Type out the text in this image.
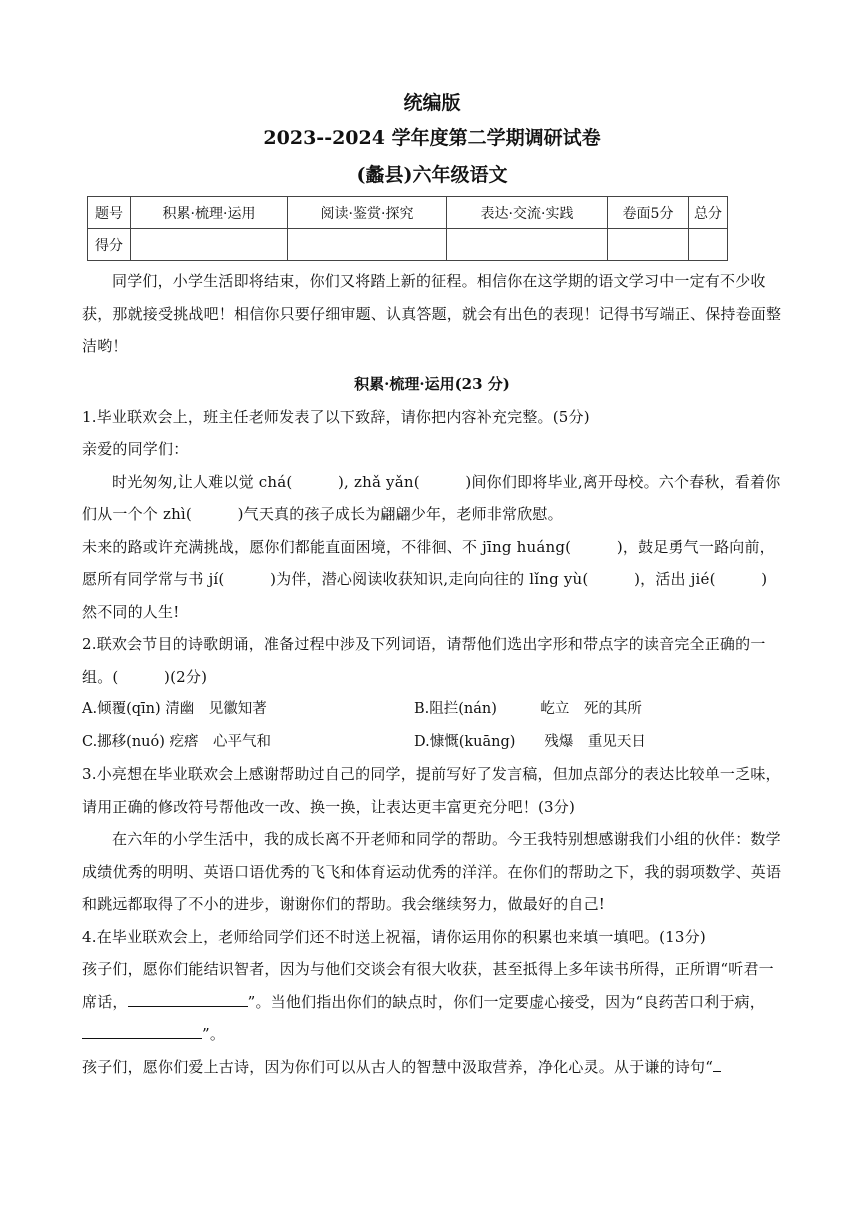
统编版
2023--2024 学年度第二学期调研试卷
(蠡县)六年级语文
题号	积累·梳理·运用	阅读·鉴赏·探究	表达·交流·实践	卷面5分	总分
得分					
同学们，小学生活即将结束，你们又将踏上新的征程。相信你在这学期的语文学习中一定有不少收获，那就接受挑战吧！相信你只要仔细审题、认真答题，就会有出色的表现！记得书写端正、保持卷面整洁哟！
积累·梳理·运用(23 分)
1.毕业联欢会上，班主任老师发表了以下致辞，请你把内容补充完整。(5分)
亲爱的同学们：
时光匆匆,让人难以觉 chá(　　　), zhǎ yǎn(　　　)间你们即将毕业,离开母校。六个春秋，看着你们从一个个 zhì(　　　)气天真的孩子成长为翩翩少年，老师非常欣慰。
未来的路或许充满挑战，愿你们都能直面困境，不徘徊、不 jīng huáng(　　　)，鼓足勇气一路向前，愿所有同学常与书 jí(　　　)为伴，潜心阅读收获知识,走向向往的 lǐng yù(　　　)，活出 jié(　　　)然不同的人生!
2.联欢会节目的诗歌朗诵，准备过程中涉及下列词语，请帮他们选出字形和带点字的读音完全正确的一组。(　　　)(2分)
A.倾覆(qīn) 清幽　见徽知著	B.阻拦(nán)　　　屹立　死的其所
C.挪移(nuó) 疙瘩　心平气和	D.慷慨(kuāng)　　残爆　重见天日
3.小亮想在毕业联欢会上感谢帮助过自己的同学，提前写好了发言稿，但加点部分的表达比较单一乏味，请用正确的修改符号帮他改一改、换一换，让表达更丰富更充分吧！(3分)
在六年的小学生活中，我的成长离不开老师和同学的帮助。今王我特别想感谢我们小组的伙伴：数学成绩优秀的明明、英语口语优秀的飞飞和体育运动优秀的洋洋。在你们的帮助之下，我的弱项数学、英语和跳远都取得了不小的进步，谢谢你们的帮助。我会继续努力，做最好的自己!
4.在毕业联欢会上，老师给同学们还不时送上祝福，请你运用你的积累也来填一填吧。(13分)
孩子们，愿你们能结识智者，因为与他们交谈会有很大收获，甚至抵得上多年读书所得，正所谓“听君一席话，	”。当他们指出你们的缺点时，你们一定要虚心接受，因为“良药苦口利于病，”。
孩子们，愿你们爱上古诗，因为你们可以从古人的智慧中汲取营养，净化心灵。从于谦的诗句“
